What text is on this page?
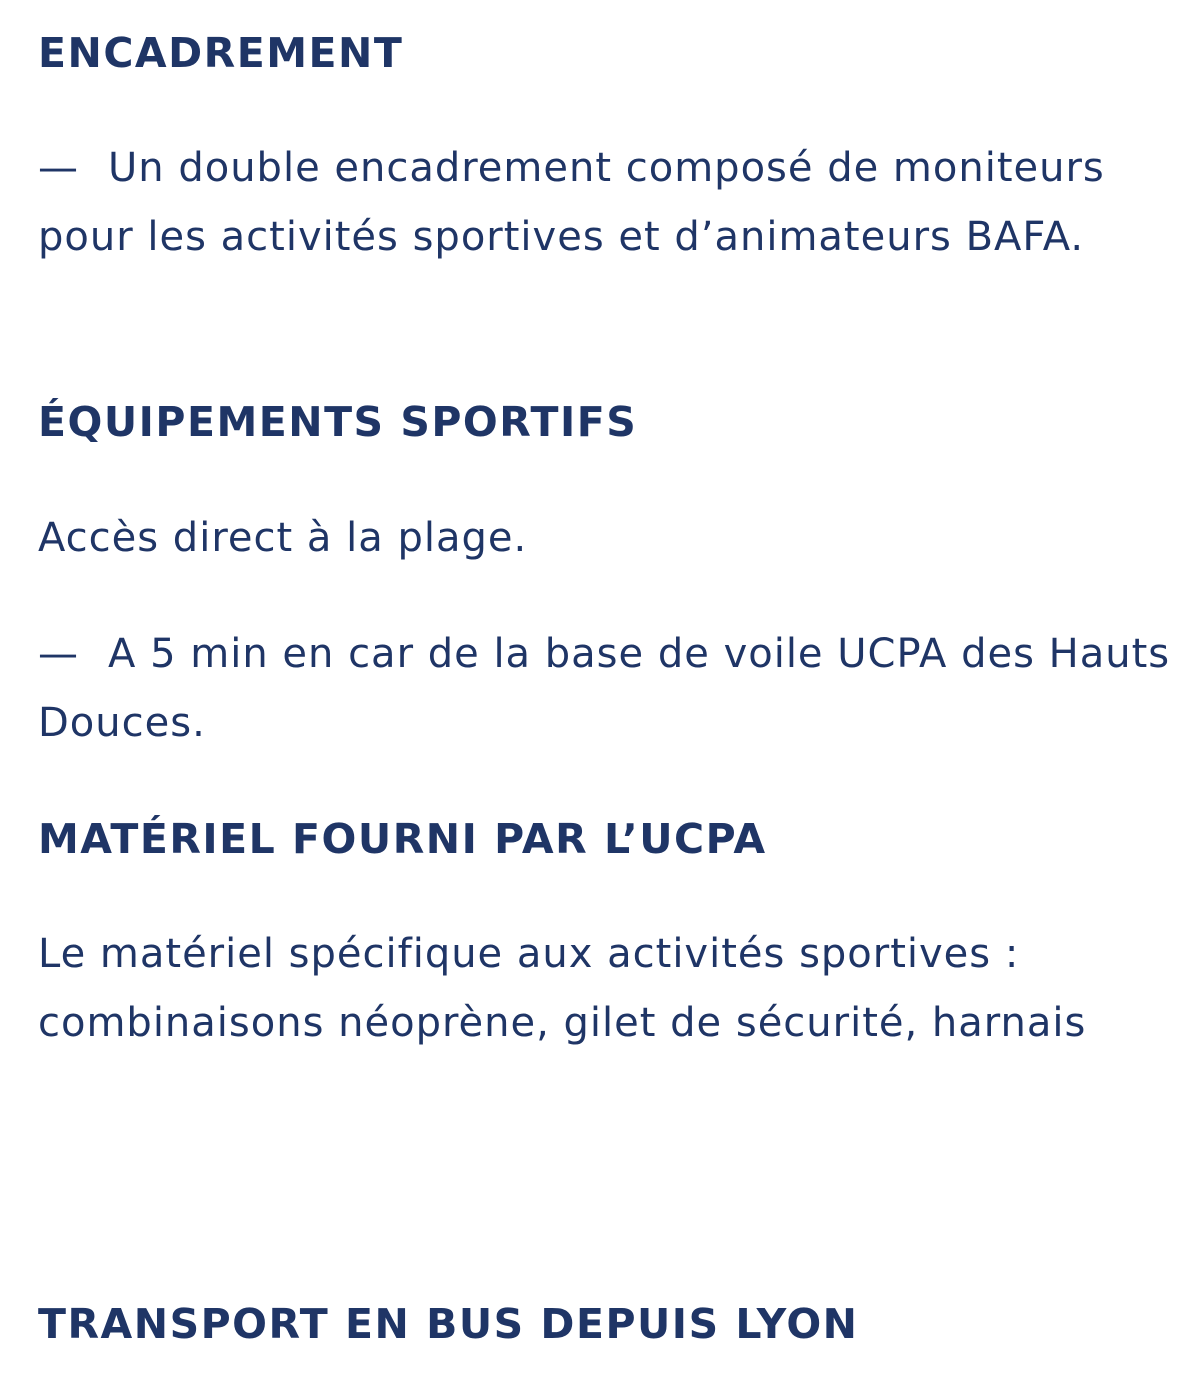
ENCADREMENT

— Un double encadrement composé de moniteurs pour les activités sportives et d’animateurs BAFA.

ÉQUIPEMENTS SPORTIFS

Accès direct à la plage.

— A 5 min en car de la base de voile UCPA des Hauts Douces.

MATÉRIEL FOURNI PAR L’UCPA

Le matériel spécifique aux activités sportives : combinaisons néoprène, gilet de sécurité, harnais

TRANSPORT EN BUS DEPUIS LYON
